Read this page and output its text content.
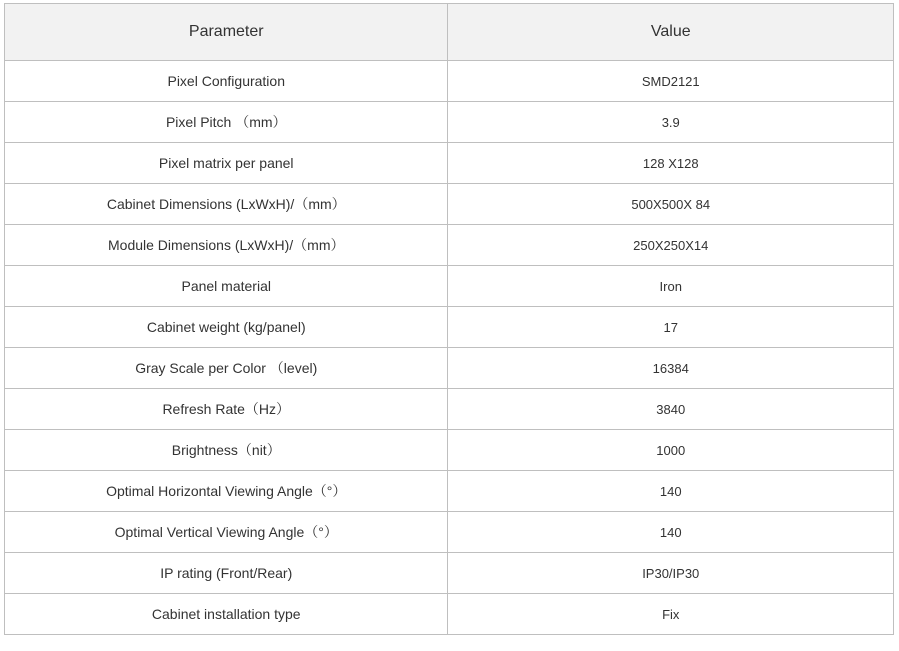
Parameter	Value
Pixel Configuration	SMD2121
Pixel Pitch （mm）	3.9
Pixel matrix per panel	128 X128
Cabinet Dimensions (LxWxH)/（mm）	500X500X 84
Module Dimensions (LxWxH)/（mm）	250X250X14
Panel material	Iron
Cabinet weight (kg/panel)	17
Gray Scale per Color （level)	16384
Refresh Rate（Hz）	3840
Brightness（nit）	1000
Optimal Horizontal Viewing Angle（°）	140
Optimal Vertical Viewing Angle（°）	140
IP rating (Front/Rear)	IP30/IP30
Cabinet installation type	Fix
